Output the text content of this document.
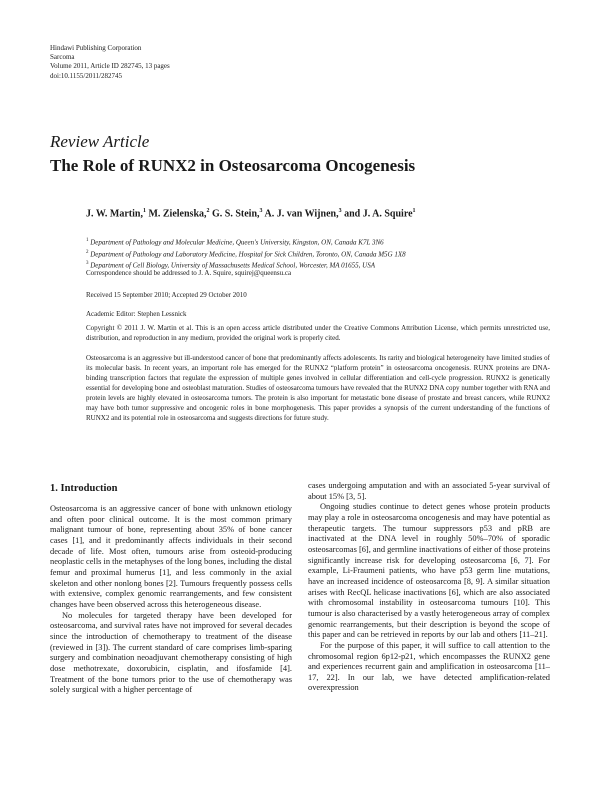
Hindawi Publishing Corporation
Sarcoma
Volume 2011, Article ID 282745, 13 pages
doi:10.1155/2011/282745
Review Article
The Role of RUNX2 in Osteosarcoma Oncogenesis
J. W. Martin,$^1$ M. Zielenska,$^2$ G. S. Stein,$^3$ A. J. van Wijnen,$^3$ and J. A. Squire$^1$
$^1$ Department of Pathology and Molecular Medicine, Queen's University, Kingston, ON, Canada K7L 3N6
$^2$ Department of Pathology and Laboratory Medicine, Hospital for Sick Children, Toronto, ON, Canada M5G 1X8
$^3$ Department of Cell Biology, University of Massachusetts Medical School, Worcester, MA 01655, USA
Correspondence should be addressed to J. A. Squire, squirej@queensu.ca
Received 15 September 2010; Accepted 29 October 2010
Academic Editor: Stephen Lessnick
Copyright © 2011 J. W. Martin et al. This is an open access article distributed under the Creative Commons Attribution License, which permits unrestricted use, distribution, and reproduction in any medium, provided the original work is properly cited.
Osteosarcoma is an aggressive but ill-understood cancer of bone that predominantly affects adolescents. Its rarity and biological heterogeneity have limited studies of its molecular basis. In recent years, an important role has emerged for the RUNX2 “platform protein” in osteosarcoma oncogenesis. RUNX proteins are DNA-binding transcription factors that regulate the expression of multiple genes involved in cellular differentiation and cell-cycle progression. RUNX2 is genetically essential for developing bone and osteoblast maturation. Studies of osteosarcoma tumours have revealed that the RUNX2 DNA copy number together with RNA and protein levels are highly elevated in osteosarcoma tumors. The protein is also important for metastatic bone disease of prostate and breast cancers, while RUNX2 may have both tumor suppressive and oncogenic roles in bone morphogenesis. This paper provides a synopsis of the current understanding of the functions of RUNX2 and its potential role in osteosarcoma and suggests directions for future study.
1. Introduction

Osteosarcoma is an aggressive cancer of bone with unknown etiology and often poor clinical outcome. It is the most common primary malignant tumour of bone, representing about 35% of bone cancer cases [1], and it predominantly affects individuals in their second decade of life. Most often, tumours arise from osteoid-producing neoplastic cells in the metaphyses of the long bones, including the distal femur and proximal humerus [1], and less commonly in the axial skeleton and other nonlong bones [2]. Tumours frequently possess cells with extensive, complex genomic rearrangements, and few consistent changes have been observed across this heterogeneous disease.

No molecules for targeted therapy have been developed for osteosarcoma, and survival rates have not improved for several decades since the introduction of chemotherapy to treatment of the disease (reviewed in [3]). The current standard of care comprises limb-sparing surgery and combination neoadjuvant chemotherapy consisting of high dose methotrexate, doxorubicin, cisplatin, and ifosfamide [4]. Treatment of the bone tumors prior to the use of chemotherapy was solely surgical with a higher percentage of

cases undergoing amputation and with an associated 5-year survival of about 15% [3, 5].

Ongoing studies continue to detect genes whose protein products may play a role in osteosarcoma oncogenesis and may have potential as therapeutic targets. The tumour suppressors p53 and pRB are inactivated at the DNA level in roughly 50%–70% of sporadic osteosarcomas [6], and germline inactivations of either of those proteins significantly increase risk for developing osteosarcoma [6, 7]. For example, Li-Fraumeni patients, who have p53 germ line mutations, have an increased incidence of osteosarcoma [8, 9]. A similar situation arises with RecQL helicase inactivations [6], which are also associated with chromosomal instability in osteosarcoma tumours [10]. This tumour is also characterised by a vastly heterogeneous array of complex genomic rearrangements, but their description is beyond the scope of this paper and can be retrieved in reports by our lab and others [11–21].

For the purpose of this paper, it will suffice to call attention to the chromosomal region 6p12-p21, which encompasses the RUNX2 gene and experiences recurrent gain and amplification in osteosarcoma [11–17, 22]. In our lab, we have detected amplification-related overexpression
